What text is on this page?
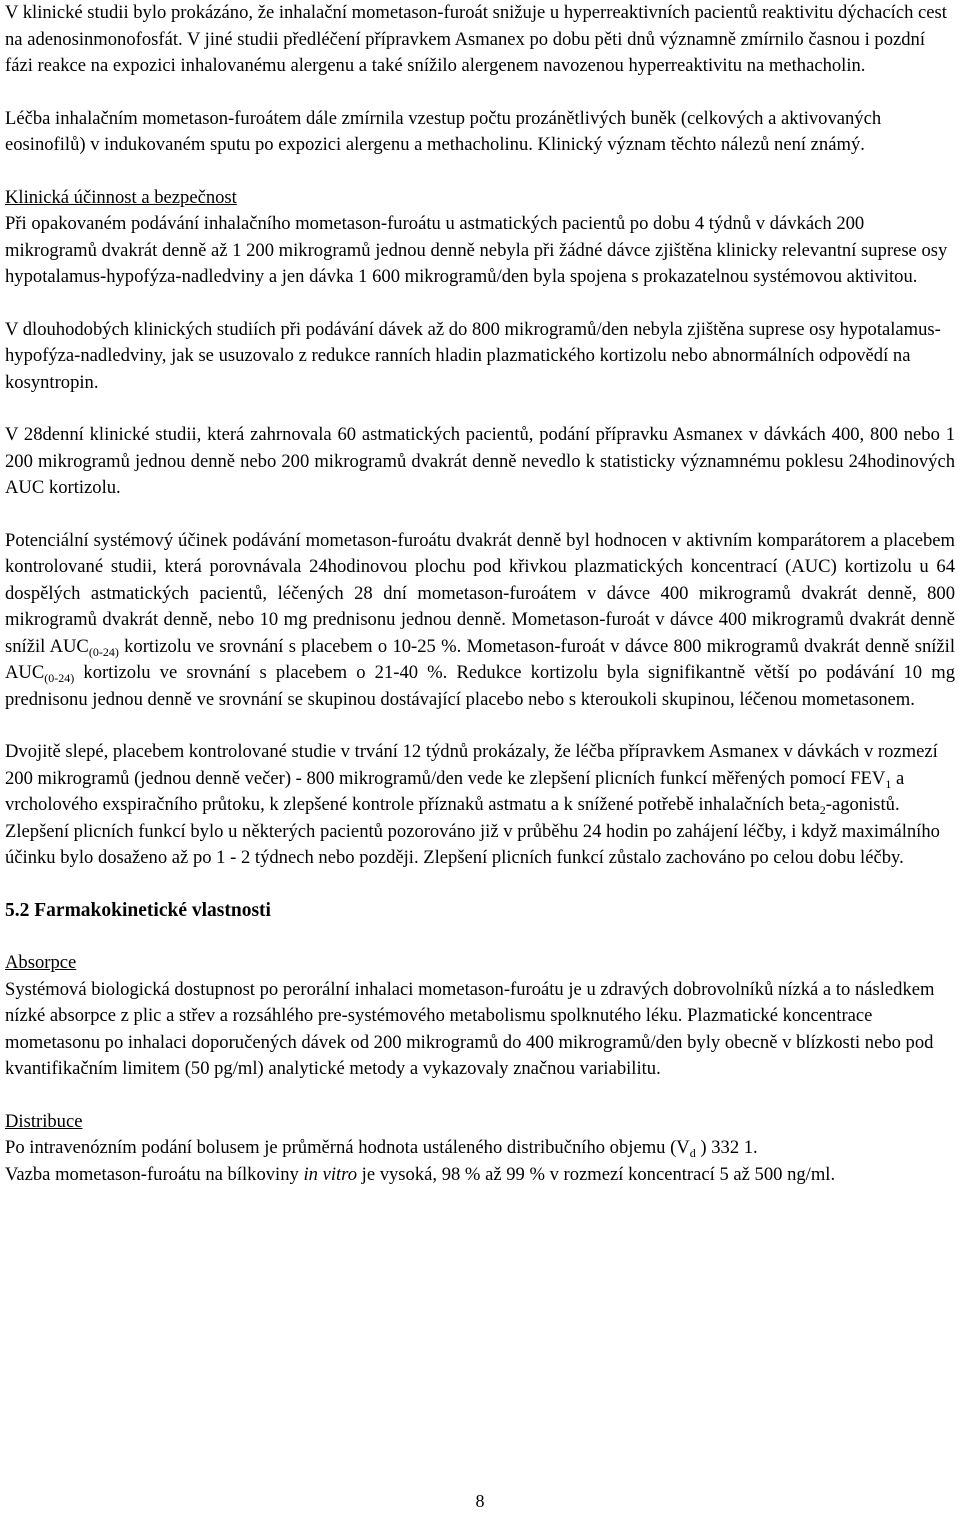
V klinické studii bylo prokázáno, že inhalační mometason-furoát snižuje u hyperreaktivních pacientů reaktivitu dýchacích cest na adenosinmonofosfát. V jiné studii předléčení přípravkem Asmanex po dobu pěti dnů významně zmírnilo časnou i pozdní fázi reakce na expozici inhalovanému alergenu a také snížilo alergenem navozenou hyperreaktivitu na methacholin.

Léčba inhalačním mometason-furoátem dále zmírnila vzestup počtu prozánětlivých buněk (celkových a aktivovaných eosinofilů) v indukovaném sputu po expozici alergenu a methacholinu. Klinický význam těchto nálezů není známý.

Klinická účinnost a bezpečnost

Při opakovaném podávání inhalačního mometason-furoátu u astmatických pacientů po dobu 4 týdnů v dávkách 200 mikrogramů dvakrát denně až 1 200 mikrogramů jednou denně nebyla při žádné dávce zjištěna klinicky relevantní suprese osy hypotalamus-hypofýza-nadledviny a jen dávka 1 600 mikrogramů/den byla spojena s prokazatelnou systémovou aktivitou.

V dlouhodobých klinických studiích při podávání dávek až do 800 mikrogramů/den nebyla zjištěna suprese osy hypotalamus-hypofýza-nadledviny, jak se usuzovalo z redukce ranních hladin plazmatického kortizolu nebo abnormálních odpovědí na kosyntropin.

V 28denní klinické studii, která zahrnovala 60 astmatických pacientů, podání přípravku Asmanex v dávkách 400, 800 nebo 1 200 mikrogramů jednou denně nebo 200 mikrogramů dvakrát denně nevedlo k statisticky významnému poklesu 24hodinových AUC kortizolu.

Potenciální systémový účinek podávání mometason-furoátu dvakrát denně byl hodnocen v aktivním komparátorem a placebem kontrolované studii, která porovnávala 24hodinovou plochu pod křivkou plazmatických koncentrací (AUC) kortizolu u 64 dospělých astmatických pacientů, léčených 28 dní mometason-furoátem v dávce 400 mikrogramů dvakrát denně, 800 mikrogramů dvakrát denně, nebo 10 mg prednisonu jednou denně. Mometason-furoát v dávce 400 mikrogramů dvakrát denně snížil $AUC_{(0-24)}$ kortizolu ve srovnání s placebem o 10-25 %. Mometason-furoát v dávce 800 mikrogramů dvakrát denně snížil $AUC_{(0-24)}$ kortizolu ve srovnání s placebem o 21-40 %. Redukce kortizolu byla signifikantně větší po podávání 10 mg prednisonu jednou denně ve srovnání se skupinou dostávající placebo nebo s kteroukoli skupinou, léčenou mometasonem.

Dvojitě slepé, placebem kontrolované studie v trvání 12 týdnů prokázaly, že léčba přípravkem Asmanex v dávkách v rozmezí 200 mikrogramů (jednou denně večer) - 800 mikrogramů/den vede ke zlepšení plicních funkcí měřených pomocí $FEV_1$ a vrcholového exspiračního průtoku, k zlepšené kontrole příznaků astmatu a k snížené potřebě inhalačních beta$_2$-agonistů. Zlepšení plicních funkcí bylo u některých pacientů pozorováno již v průběhu 24 hodin po zahájení léčby, i když maximálního účinku bylo dosaženo až po 1 - 2 týdnech nebo později. Zlepšení plicních funkcí zůstalo zachováno po celou dobu léčby.

5.2 Farmakokinetické vlastnosti

Absorpce

Systémová biologická dostupnost po perorální inhalaci mometason-furoátu je u zdravých dobrovolníků nízká a to následkem nízké absorpce z plic a střev a rozsáhlého pre-systémového metabolismu spolknutého léku. Plazmatické koncentrace mometasonu po inhalaci doporučených dávek od 200 mikrogramů do 400 mikrogramů/den byly obecně v blízkosti nebo pod kvantifikačním limitem (50 pg/ml) analytické metody a vykazovaly značnou variabilitu.

Distribuce

Po intravenózním podání bolusem je průměrná hodnota ustáleného distribučního objemu ($V_d$ ) 332 1.

Vazba mometason-furoátu na bílkoviny in vitro je vysoká, 98 % až 99 % v rozmezí koncentrací 5 až 500 ng/ml.

8
